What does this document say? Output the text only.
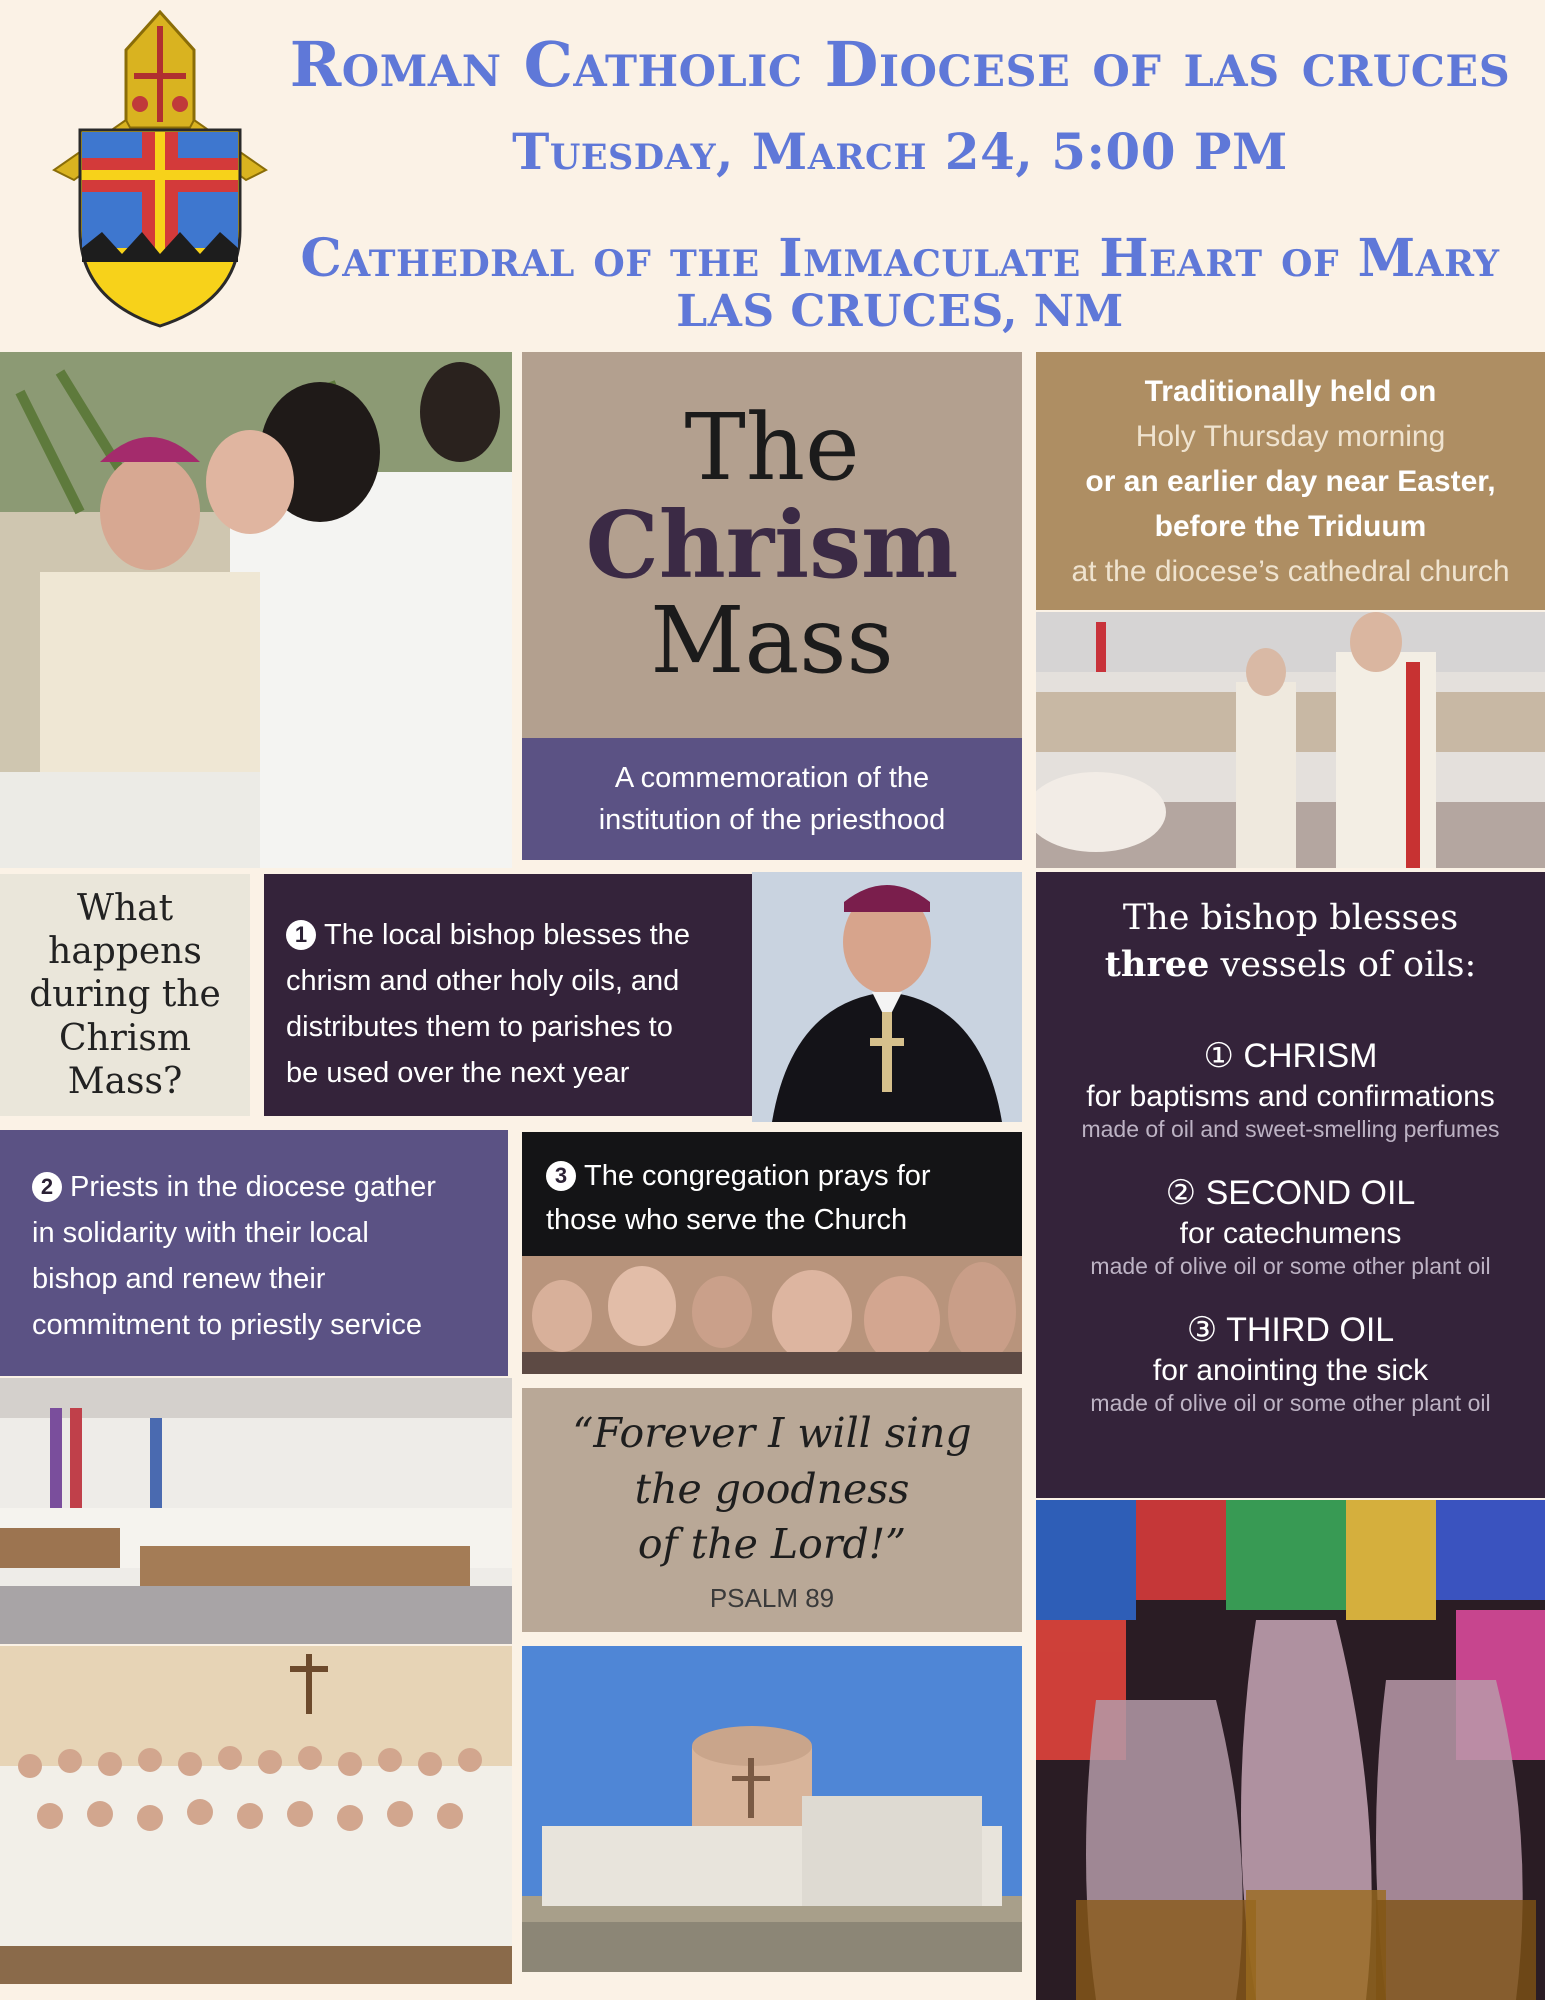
Roman Catholic Diocese of las cruces
Tuesday, March 24, 5:00 PM
Cathedral of the Immaculate Heart of Mary
LAS CRUCES, NM
The
Chrism
Mass
A commemoration of the
institution of the priesthood
Traditionally held on
Holy Thursday morning
or an earlier day near Easter,
before the Triduum
at the diocese’s cathedral church
What
happens
during the
Chrism
Mass?
1 The local bishop blesses the
chrism and other holy oils, and
distributes them to parishes to
be used over the next year
2 Priests in the diocese gather
in solidarity with their local
bishop and renew their
commitment to priestly service
3 The congregation prays for
those who serve the Church
“Forever I will sing
the goodness
of the Lord!”
PSALM 89
The bishop blesses
three vessels of oils:
① CHRISM
for baptisms and confirmations
made of oil and sweet-smelling perfumes
② SECOND OIL
for catechumens
made of olive oil or some other plant oil
③ THIRD OIL
for anointing the sick
made of olive oil or some other plant oil
